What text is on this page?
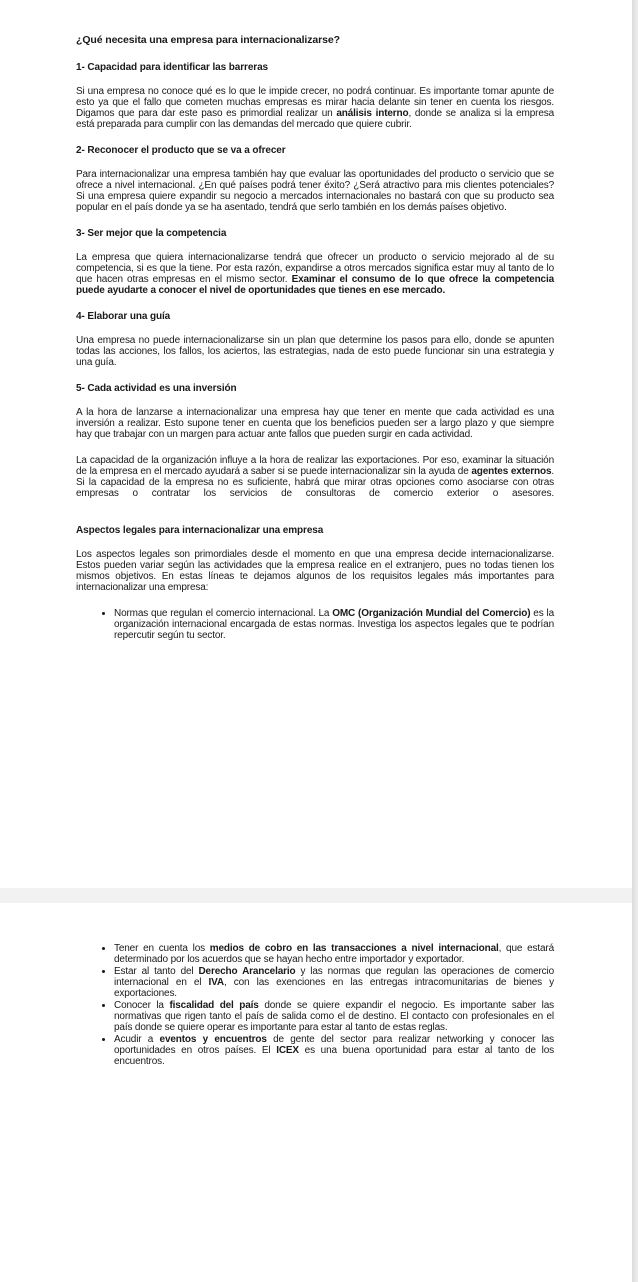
¿Qué necesita una empresa para internacionalizarse?
1- Capacidad para identificar las barreras

Si una empresa no conoce qué es lo que le impide crecer, no podrá continuar. Es importante tomar apunte de esto ya que el fallo que cometen muchas empresas es mirar hacia delante sin tener en cuenta los riesgos. Digamos que para dar este paso es primordial realizar un análisis interno, donde se analiza si la empresa está preparada para cumplir con las demandas del mercado que quiere cubrir.

2- Reconocer el producto que se va a ofrecer

Para internacionalizar una empresa también hay que evaluar las oportunidades del producto o servicio que se ofrece a nivel internacional. ¿En qué países podrá tener éxito? ¿Será atractivo para mis clientes potenciales? Si una empresa quiere expandir su negocio a mercados internacionales no bastará con que su producto sea popular en el país donde ya se ha asentado, tendrá que serlo también en los demás países objetivo.

3- Ser mejor que la competencia

La empresa que quiera internacionalizarse tendrá que ofrecer un producto o servicio mejorado al de su competencia, si es que la tiene. Por esta razón, expandirse a otros mercados significa estar muy al tanto de lo que hacen otras empresas en el mismo sector. Examinar el consumo de lo que ofrece la competencia puede ayudarte a conocer el nivel de oportunidades que tienes en ese mercado.

4- Elaborar una guía

Una empresa no puede internacionalizarse sin un plan que determine los pasos para ello, donde se apunten todas las acciones, los fallos, los aciertos, las estrategias, nada de esto puede funcionar sin una estrategia y una guía.

5- Cada actividad es una inversión

A la hora de lanzarse a internacionalizar una empresa hay que tener en mente que cada actividad es una inversión a realizar. Esto supone tener en cuenta que los beneficios pueden ser a largo plazo y que siempre hay que trabajar con un margen para actuar ante fallos que pueden surgir en cada actividad.

La capacidad de la organización influye a la hora de realizar las exportaciones. Por eso, examinar la situación de la empresa en el mercado ayudará a saber si se puede internacionalizar sin la ayuda de agentes externos. Si la capacidad de la empresa no es suficiente, habrá que mirar otras opciones como asociarse con otras empresas o contratar los servicios de consultoras de comercio exterior o asesores.

Aspectos legales para internacionalizar una empresa

Los aspectos legales son primordiales desde el momento en que una empresa decide internacionalizarse. Estos pueden variar según las actividades que la empresa realice en el extranjero, pues no todas tienen los mismos objetivos. En estas líneas te dejamos algunos de los requisitos legales más importantes para internacionalizar una empresa:

• Normas que regulan el comercio internacional. La OMC (Organización Mundial del Comercio) es la organización internacional encargada de estas normas. Investiga los aspectos legales que te podrían repercutir según tu sector.
• Tener en cuenta los medios de cobro en las transacciones a nivel internacional, que estará determinado por los acuerdos que se hayan hecho entre importador y exportador.
• Estar al tanto del Derecho Arancelario y las normas que regulan las operaciones de comercio internacional en el IVA, con las exenciones en las entregas intracomunitarias de bienes y exportaciones.
• Conocer la fiscalidad del país donde se quiere expandir el negocio. Es importante saber las normativas que rigen tanto el país de salida como el de destino. El contacto con profesionales en el país donde se quiere operar es importante para estar al tanto de estas reglas.
• Acudir a eventos y encuentros de gente del sector para realizar networking y conocer las oportunidades en otros países. El ICEX es una buena oportunidad para estar al tanto de los encuentros.
